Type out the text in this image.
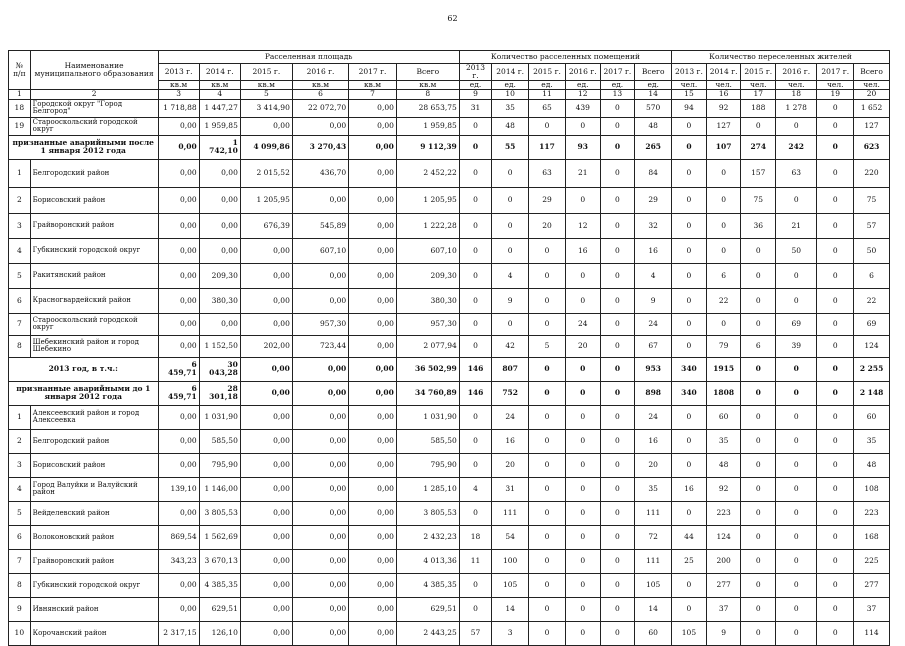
62
№ п/п	Наименование муниципального образования	Расселенная площадь						Количество расселенных помещений						Количество переселенных жителей					
		2013 г.	2014 г.	2015 г.	2016 г.	2017 г.	Всего	2013 г.	2014 г.	2015 г.	2016 г.	2017 г.	Всего	2013 г.	2014 г.	2015 г.	2016 г.	2017 г.	Всего
		кв.м	кв.м	кв.м	кв.м	кв.м	кв.м	ед.	ед.	ед.	ед.	ед.	ед.	чел.	чел.	чел.	чел.	чел.	чел.
1	2	3	4	5	6	7	8	9	10	11	12	13	14	15	16	17	18	19	20
18	Городской округ "Город Белгород"	1 718,88	1 447,27	3 414,90	22 072,70	0,00	28 653,75	31	35	65	439	0	570	94	92	188	1 278	0	1 652
19	Старооскольский городской округ	0,00	1 959,85	0,00	0,00	0,00	1 959,85	0	48	0	0	0	48	0	127	0	0	0	127
признанные аварийными после 1 января 2012 года		0,00	1 742,10	4 099,86	3 270,43	0,00	9 112,39	0	55	117	93	0	265	0	107	274	242	0	623
1	Белгородский район	0,00	0,00	2 015,52	436,70	0,00	2 452,22	0	0	63	21	0	84	0	0	157	63	0	220
2	Борисовский район	0,00	0,00	1 205,95	0,00	0,00	1 205,95	0	0	29	0	0	29	0	0	75	0	0	75
3	Грайворонский район	0,00	0,00	676,39	545,89	0,00	1 222,28	0	0	20	12	0	32	0	0	36	21	0	57
4	Губкинский городской округ	0,00	0,00	0,00	607,10	0,00	607,10	0	0	0	16	0	16	0	0	0	50	0	50
5	Ракитянский район	0,00	209,30	0,00	0,00	0,00	209,30	0	4	0	0	0	4	0	6	0	0	0	6
6	Красногвардейский район	0,00	380,30	0,00	0,00	0,00	380,30	0	9	0	0	0	9	0	22	0	0	0	22
7	Старооскольский городской округ	0,00	0,00	0,00	957,30	0,00	957,30	0	0	0	24	0	24	0	0	0	69	0	69
8	Шебекинский район и город Шебекино	0,00	1 152,50	202,00	723,44	0,00	2 077,94	0	42	5	20	0	67	0	79	6	39	0	124
2013 год, в т.ч.:		6 459,71	30 043,28	0,00	0,00	0,00	36 502,99	146	807	0	0	0	953	340	1915	0	0	0	2 255
признанные аварийными до 1 января 2012 года		6 459,71	28 301,18	0,00	0,00	0,00	34 760,89	146	752	0	0	0	898	340	1808	0	0	0	2 148
1	Алексеевский район и город Алексеевка	0,00	1 031,90	0,00	0,00	0,00	1 031,90	0	24	0	0	0	24	0	60	0	0	0	60
2	Белгородский район	0,00	585,50	0,00	0,00	0,00	585,50	0	16	0	0	0	16	0	35	0	0	0	35
3	Борисовский район	0,00	795,90	0,00	0,00	0,00	795,90	0	20	0	0	0	20	0	48	0	0	0	48
4	Город Валуйки и Валуйский район	139,10	1 146,00	0,00	0,00	0,00	1 285,10	4	31	0	0	0	35	16	92	0	0	0	108
5	Вейделевский район	0,00	3 805,53	0,00	0,00	0,00	3 805,53	0	111	0	0	0	111	0	223	0	0	0	223
6	Волоконовский район	869,54	1 562,69	0,00	0,00	0,00	2 432,23	18	54	0	0	0	72	44	124	0	0	0	168
7	Грайворонский район	343,23	3 670,13	0,00	0,00	0,00	4 013,36	11	100	0	0	0	111	25	200	0	0	0	225
8	Губкинский городской округ	0,00	4 385,35	0,00	0,00	0,00	4 385,35	0	105	0	0	0	105	0	277	0	0	0	277
9	Ивнянский район	0,00	629,51	0,00	0,00	0,00	629,51	0	14	0	0	0	14	0	37	0	0	0	37
10	Корочанский район	2 317,15	126,10	0,00	0,00	0,00	2 443,25	57	3	0	0	0	60	105	9	0	0	0	114
